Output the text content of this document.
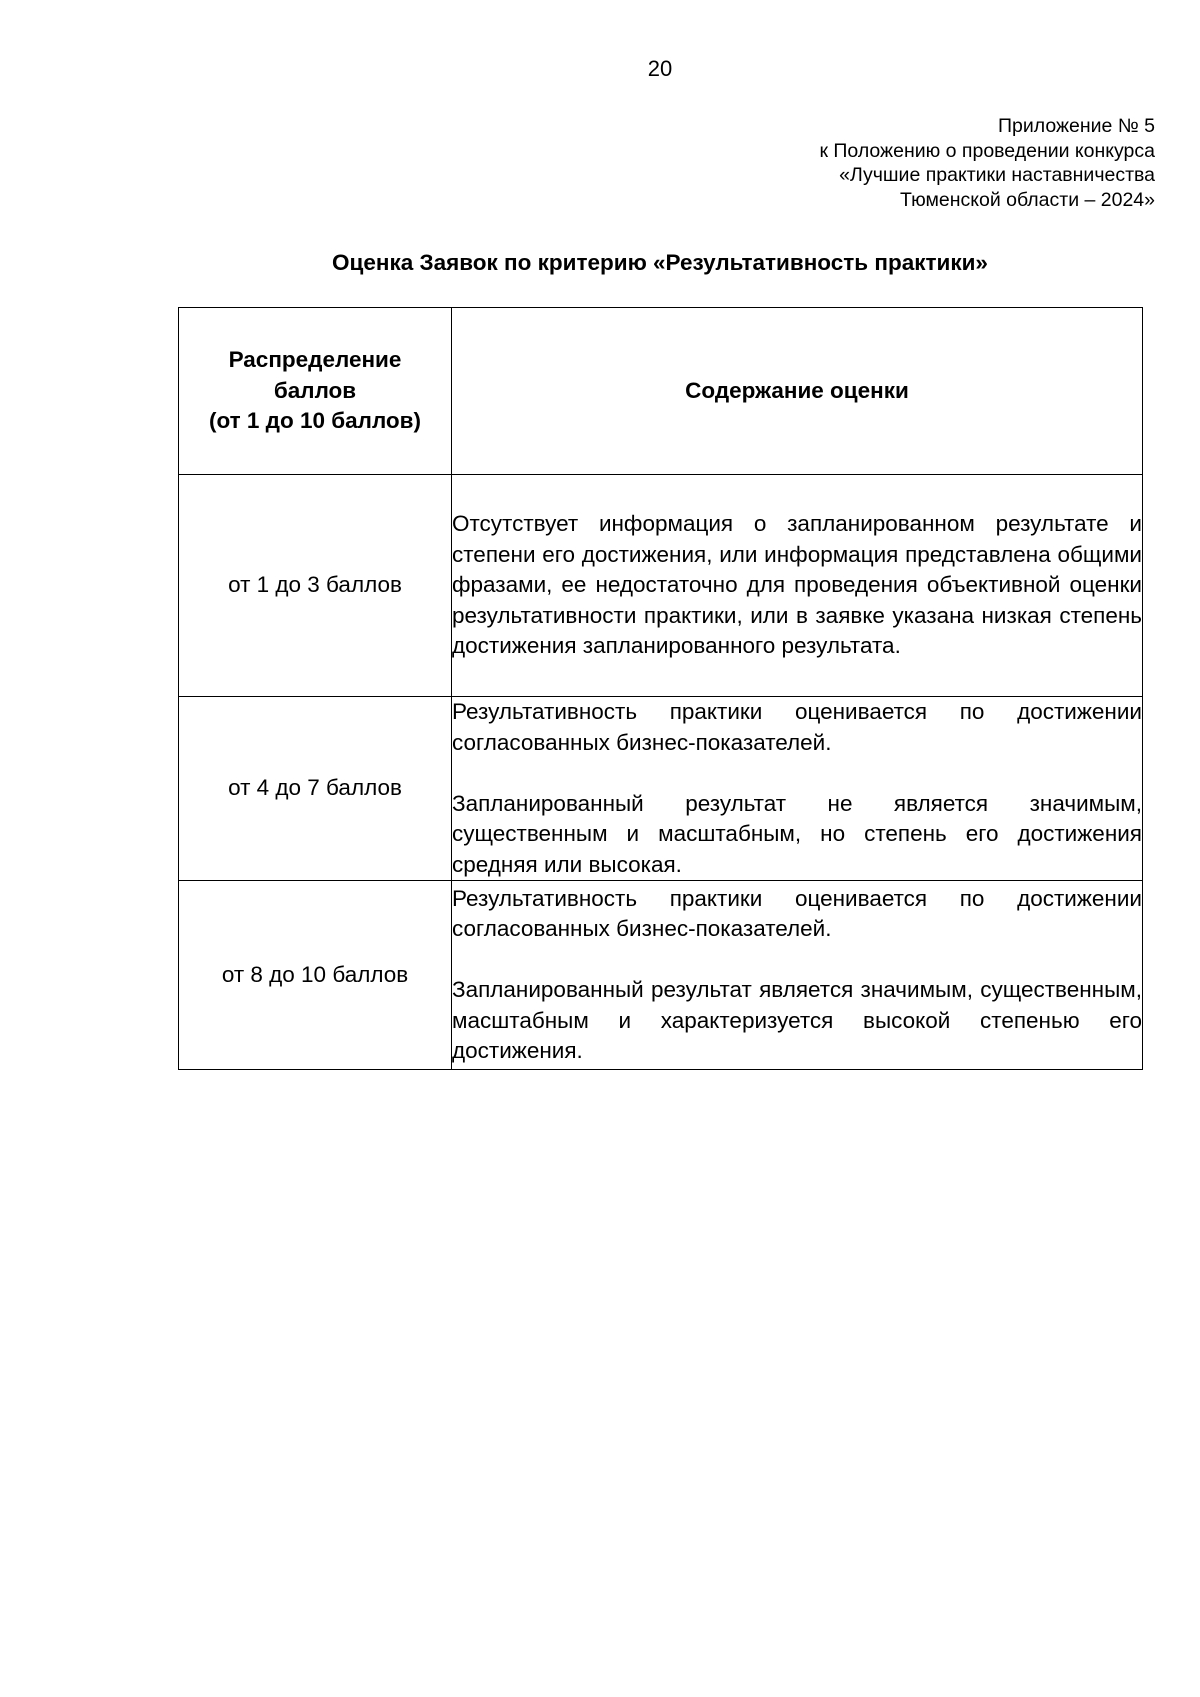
20
Приложение № 5
к Положению о проведении конкурса
«Лучшие практики наставничества
Тюменской области – 2024»
Оценка Заявок по критерию «Результативность практики»
Распределение
баллов
(от 1 до 10 баллов)	Содержание оценки
от 1 до 3 баллов	Отсутствует информация о запланированном результате и степени его достижения, или информация представлена общими фразами, ее недостаточно для проведения объективной оценки результативности практики, или в заявке указана низкая степень достижения запланированного результата.

от 4 до 7 баллов	Результативность практики оценивается по достижении согласованных бизнес-показателей.

Запланированный результат не является значимым, существенным и масштабным, но степень его достижения средняя или высокая.

от 8 до 10 баллов	Результативность практики оценивается по достижении согласованных бизнес-показателей.

Запланированный результат является значимым, существенным, масштабным и характеризуется высокой степенью его достижения.
